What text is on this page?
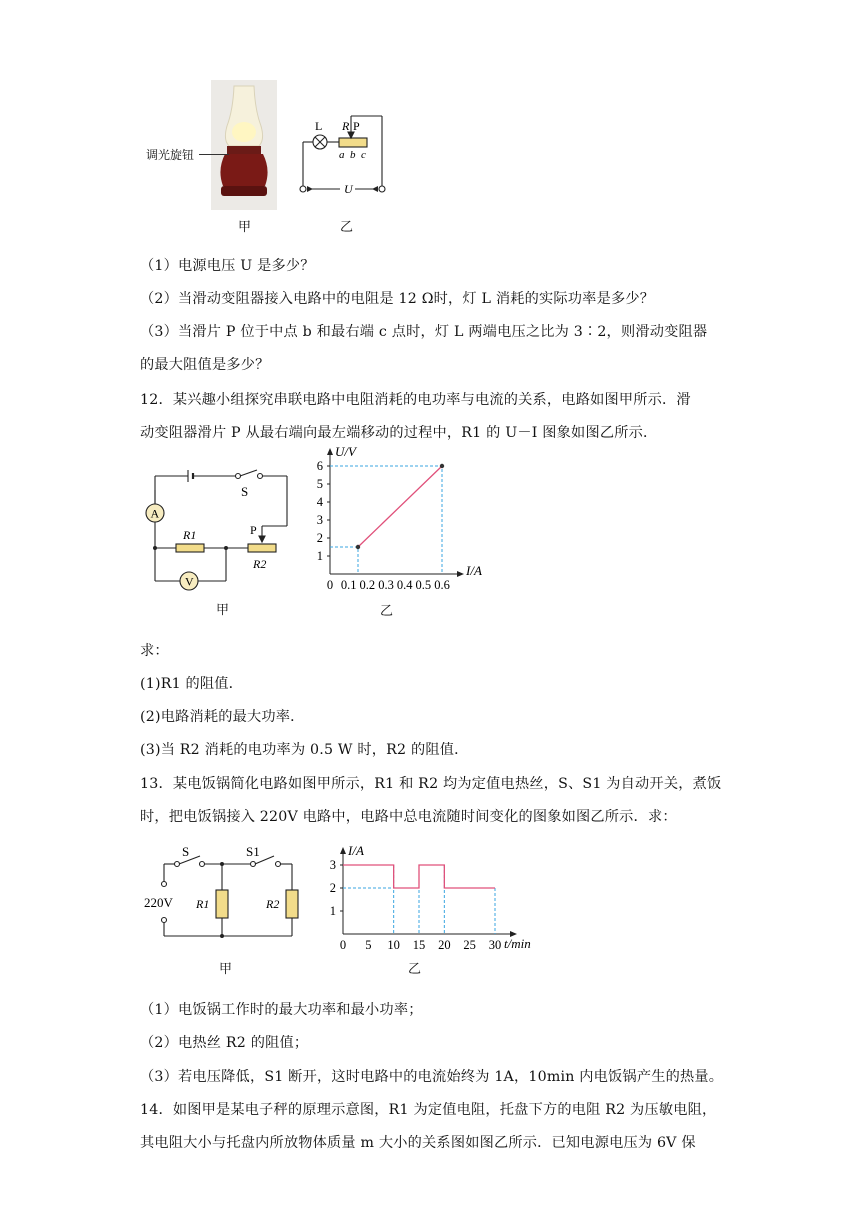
调光旋钮
甲
L R P
a b c
U
乙
（1）电源电压 U 是多少？
（2）当滑动变阻器接入电路中的电阻是 12 Ω时，灯 L 消耗的实际功率是多少？
（3）当滑片 P 位于中点 b 和最右端 c 点时，灯 L 两端电压之比为 3∶2，则滑动变阻器
的最大阻值是多少？
12．某兴趣小组探究串联电路中电阻消耗的电功率与电流的关系，电路如图甲所示．滑
动变阻器滑片 P 从最右端向最左端移动的过程中，R1 的 U－I 图象如图乙所示．
A
V
S
R1
R2
P
甲
U/V
I/A
0 0.1 0.2 0.3 0.4 0.5 0.6
1
2
3
4
5
6
乙
求：
(1)R1 的阻值．
(2)电路消耗的最大功率．
(3)当 R2 消耗的电功率为 0.5 W 时，R2 的阻值．
13．某电饭锅简化电路如图甲所示，R1 和 R2 均为定值电热丝，S、S1 为自动开关，煮饭
时，把电饭锅接入 220V 电路中，电路中总电流随时间变化的图象如图乙所示．求：
S	S1
220V R1	R2
甲
I/A
t/min
0 5 10 15 20 25 30
1
2
3
乙
（1）电饭锅工作时的最大功率和最小功率；
（2）电热丝 R2 的阻值；
（3）若电压降低，S1 断开，这时电路中的电流始终为 1A，10min 内电饭锅产生的热量。
14．如图甲是某电子秤的原理示意图，R1 为定值电阻，托盘下方的电阻 R2 为压敏电阻，
其电阻大小与托盘内所放物体质量 m 大小的关系图如图乙所示．已知电源电压为 6V 保
